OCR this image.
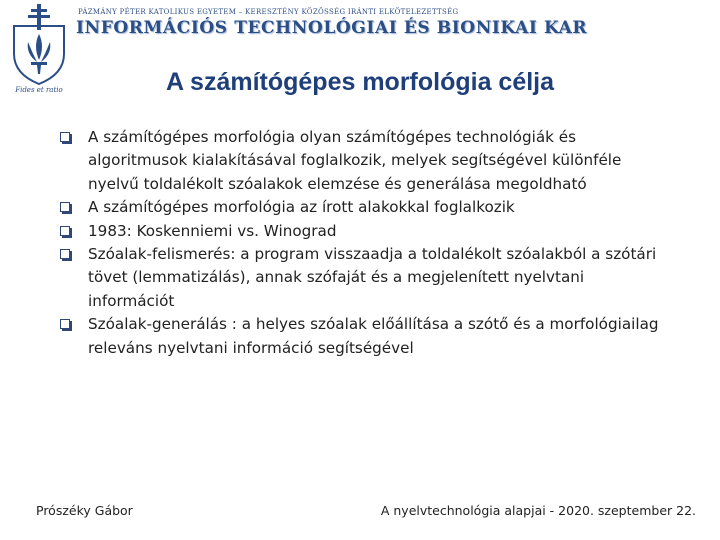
Fides et ratio
PÁZMÁNY PÉTER KATOLIKUS EGYETEM – KERESZTÉNY KÖZÖSSÉG IRÁNTI ELKÖTELEZETTSÉG
INFORMÁCIÓS TECHNOLÓGIAI ÉS BIONIKAI KAR
A számítógépes morfológia célja
A számítógépes morfológia olyan számítógépes technológiák és algoritmusok kialakításával foglalkozik, melyek segítségével különféle nyelvű toldalékolt szóalakok elemzése és generálása megoldható
A számítógépes morfológia az írott alakokkal foglalkozik
1983: Koskenniemi vs. Winograd
Szóalak-felismerés: a program visszaadja a toldalékolt szóalakból a szótári tövet (lemmatizálás), annak szófaját és a megjelenített nyelvtani információt
Szóalak-generálás : a helyes szóalak előállítása a szótő és a morfológiailag releváns nyelvtani információ segítségével
Prószéky Gábor	A nyelvtechnológia alapjai - 2020. szeptember 22.
